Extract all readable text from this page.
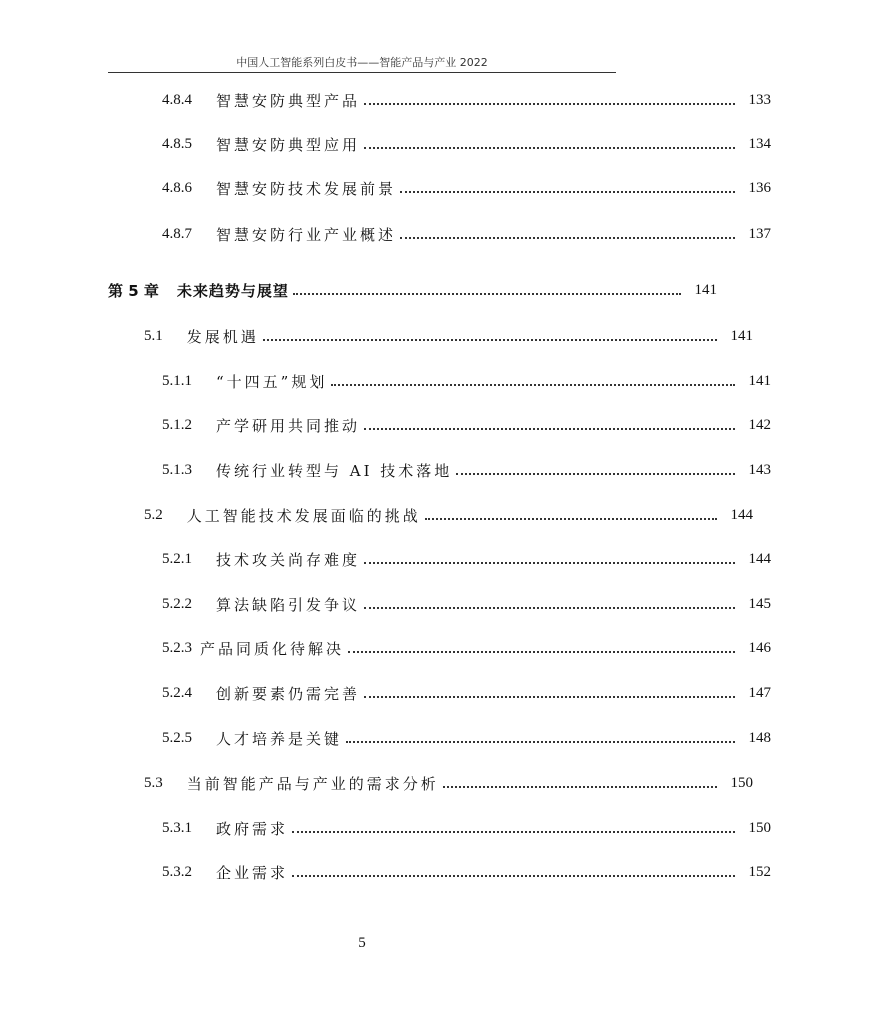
中国人工智能系列白皮书——智能产品与产业 2022
4.8.4 智慧安防典型产品	133
4.8.5 智慧安防典型应用	134
4.8.6 智慧安防技术发展前景	136
4.8.7 智慧安防行业产业概述	137
第 5 章 未来趋势与展望	141
5.1 发展机遇	141
5.1.1 “十四五”规划	141
5.1.2 产学研用共同推动	142
5.1.3 传统行业转型与 AI 技术落地	143
5.2 人工智能技术发展面临的挑战	144
5.2.1 技术攻关尚存难度	144
5.2.2 算法缺陷引发争议	145
5.2.3 产品同质化待解决	146
5.2.4 创新要素仍需完善	147
5.2.5 人才培养是关键	148
5.3 当前智能产品与产业的需求分析	150
5.3.1 政府需求	150
5.3.2 企业需求	152
5
